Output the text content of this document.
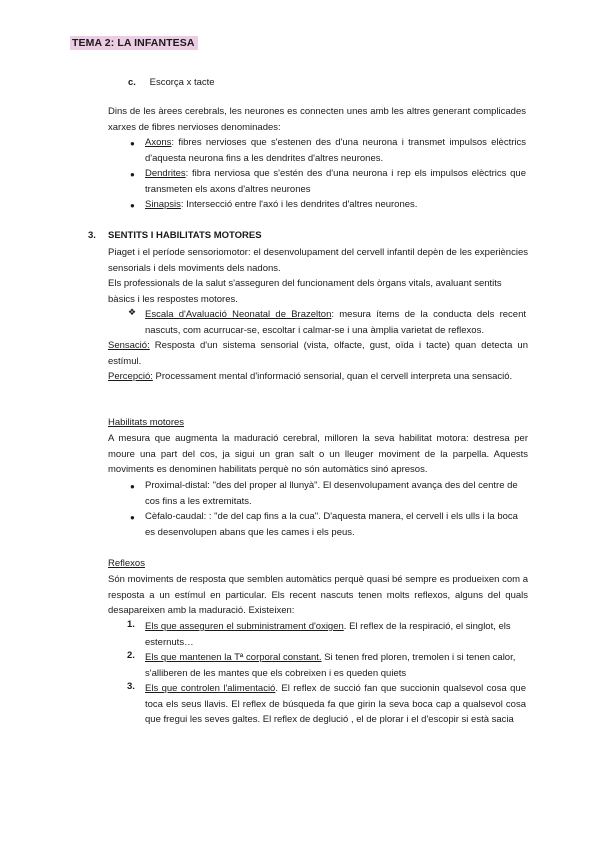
TEMA 2: LA INFANTESA
c. Escorça x tacte
Dins de les àrees cerebrals, les neurones es connecten unes amb les altres generant complicades xarxes de fibres nervioses denominades:
● Axons: fibres nervioses que s'estenen des d'una neurona i transmet impulsos elèctrics d'aquesta neurona fins a les dendrites d'altres neurones.
● Dendrites: fibra nerviosa que s'estén des d'una neurona i rep els impulsos elèctrics que transmeten els axons d'altres neurones
● Sinapsis: Intersecció entre l'axó i les dendrites d'altres neurones.
3. SENTITS I HABILITATS MOTORES
Piaget i el període sensoriomotor: el desenvolupament del cervell infantil depèn de les experiències sensorials i dels moviments dels nadons.
Els professionals de la salut s'asseguren del funcionament dels òrgans vitals, avaluant sentits bàsics i les respostes motores.
❖ Escala d'Avaluació Neonatal de Brazelton: mesura ítems de la conducta dels recent nascuts, com acurrucar-se, escoltar i calmar-se i una àmplia varietat de reflexos.
Sensació: Resposta d'un sistema sensorial (vista, olfacte, gust, oïda i tacte) quan detecta un estímul.
Percepció: Processament mental d'informació sensorial, quan el cervell interpreta una sensació.
Habilitats motores
A mesura que augmenta la maduració cerebral, milloren la seva habilitat motora: destresa per moure una part del cos, ja sigui un gran salt o un lleuger moviment de la parpella. Aquests moviments es denominen habilitats perquè no són automàtics sinó apresos.
● Proximal-distal: "des del proper al llunyà". El desenvolupament avança des del centre de cos fins a les extremitats.
● Cèfalo-caudal: : "de del cap fins a la cua". D'aquesta manera, el cervell i els ulls i la boca es desenvolupen abans que les cames i els peus.
Reflexos
Són moviments de resposta que semblen automàtics perquè quasi bé sempre es produeixen com a resposta a un estímul en particular. Els recent nascuts tenen molts reflexos, alguns del quals desapareixen amb la maduració. Existeixen:
1. Els que asseguren el subministrament d'oxigen. El reflex de la respiració, el singlot, els esternuts…
2. Els que mantenen la Tª corporal constant. Si tenen fred ploren, tremolen i si tenen calor, s'alliberen de les mantes que els cobreixen i es queden quiets
3. Els que controlen l'alimentació. El reflex de succió fan que succionin qualsevol cosa que toca els seus llavis. El reflex de búsqueda fa que girin la seva boca cap a qualsevol cosa que fregui les seves galtes. El reflex de deglució , el de plorar i el d'escopir si està sacia
